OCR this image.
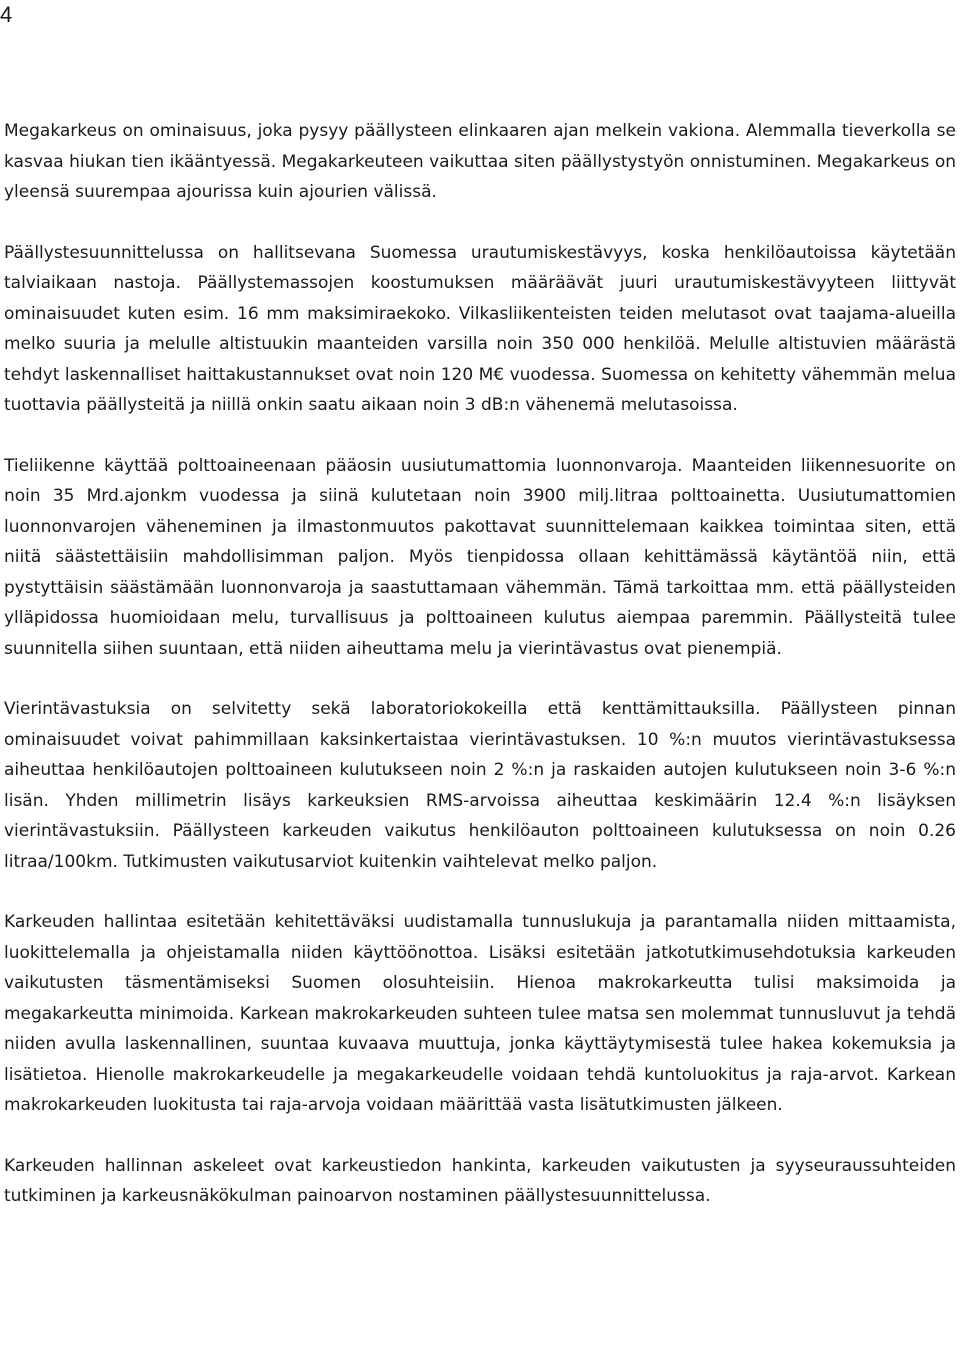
4

Megakarkeus on ominaisuus, joka pysyy päällysteen elinkaaren ajan melkein vakiona. Alemmalla tieverkolla se kasvaa hiukan tien ikääntyessä. Megakarkeuteen vaikuttaa siten päällystystyön onnistuminen. Megakarkeus on yleensä suurempaa ajourissa kuin ajourien välissä.

Päällystesuunnittelussa on hallitsevana Suomessa urautumiskestävyys, koska henkilöautoissa käytetään talviaikaan nastoja. Päällystemassojen koostumuksen määräävät juuri urautumiskestävyyteen liittyvät ominaisuudet kuten esim. 16 mm maksimiraekoko. Vilkasliikenteisten teiden melutasot ovat taajama-alueilla melko suuria ja melulle altistuukin maanteiden varsilla noin 350 000 henkilöä. Melulle altistuvien määrästä tehdyt laskennalliset haittakustannukset ovat noin 120 M€ vuodessa. Suomessa on kehitetty vähemmän melua tuottavia päällysteitä ja niillä onkin saatu aikaan noin 3 dB:n vähenemä melutasoissa.

Tieliikenne käyttää polttoaineenaan pääosin uusiutumattomia luonnonvaroja. Maanteiden liikennesuorite on noin 35 Mrd.ajonkm vuodessa ja siinä kulutetaan noin 3900 milj.litraa polttoainetta. Uusiutumattomien luonnonvarojen väheneminen ja ilmastonmuutos pakottavat suunnittelemaan kaikkea toimintaa siten, että niitä säästettäisiin mahdollisimman paljon. Myös tienpidossa ollaan kehittämässä käytäntöä niin, että pystyttäisin säästämään luonnonvaroja ja saastuttamaan vähemmän. Tämä tarkoittaa mm. että päällysteiden ylläpidossa huomioidaan melu, turvallisuus ja polttoaineen kulutus aiempaa paremmin. Päällysteitä tulee suunnitella siihen suuntaan, että niiden aiheuttama melu ja vierintävastus ovat pienempiä.

Vierintävastuksia on selvitetty sekä laboratoriokokeilla että kenttämittauksilla. Päällysteen pinnan ominaisuudet voivat pahimmillaan kaksinkertaistaa vierintävastuksen. 10 %:n muutos vierintävastuksessa aiheuttaa henkilöautojen polttoaineen kulutukseen noin 2 %:n ja raskaiden autojen kulutukseen noin 3-6 %:n lisän. Yhden millimetrin lisäys karkeuksien RMS-arvoissa aiheuttaa keskimäärin 12.4 %:n lisäyksen vierintävastuksiin. Päällysteen karkeuden vaikutus henkilöauton polttoaineen kulutuksessa on noin 0.26 litraa/100km. Tutkimusten vaikutusarviot kuitenkin vaihtelevat melko paljon.

Karkeuden hallintaa esitetään kehitettäväksi uudistamalla tunnuslukuja ja parantamalla niiden mittaamista, luokittelemalla ja ohjeistamalla niiden käyttöönottoa. Lisäksi esitetään jatkotutkimusehdotuksia karkeuden vaikutusten täsmentämiseksi Suomen olosuhteisiin. Hienoa makrokarkeutta tulisi maksimoida ja megakarkeutta minimoida. Karkean makrokarkeuden suhteen tulee matsa sen molemmat tunnusluvut ja tehdä niiden avulla laskennallinen, suuntaa kuvaava muuttuja, jonka käyttäytymisestä tulee hakea kokemuksia ja lisätietoa. Hienolle makrokarkeudelle ja megakarkeudelle voidaan tehdä kuntoluokitus ja raja-arvot. Karkean makrokarkeuden luokitusta tai raja-arvoja voidaan määrittää vasta lisätutkimusten jälkeen.

Karkeuden hallinnan askeleet ovat karkeustiedon hankinta, karkeuden vaikutusten ja syyseuraussuhteiden tutkiminen ja karkeusnäkökulman painoarvon nostaminen päällystesuunnittelussa.
